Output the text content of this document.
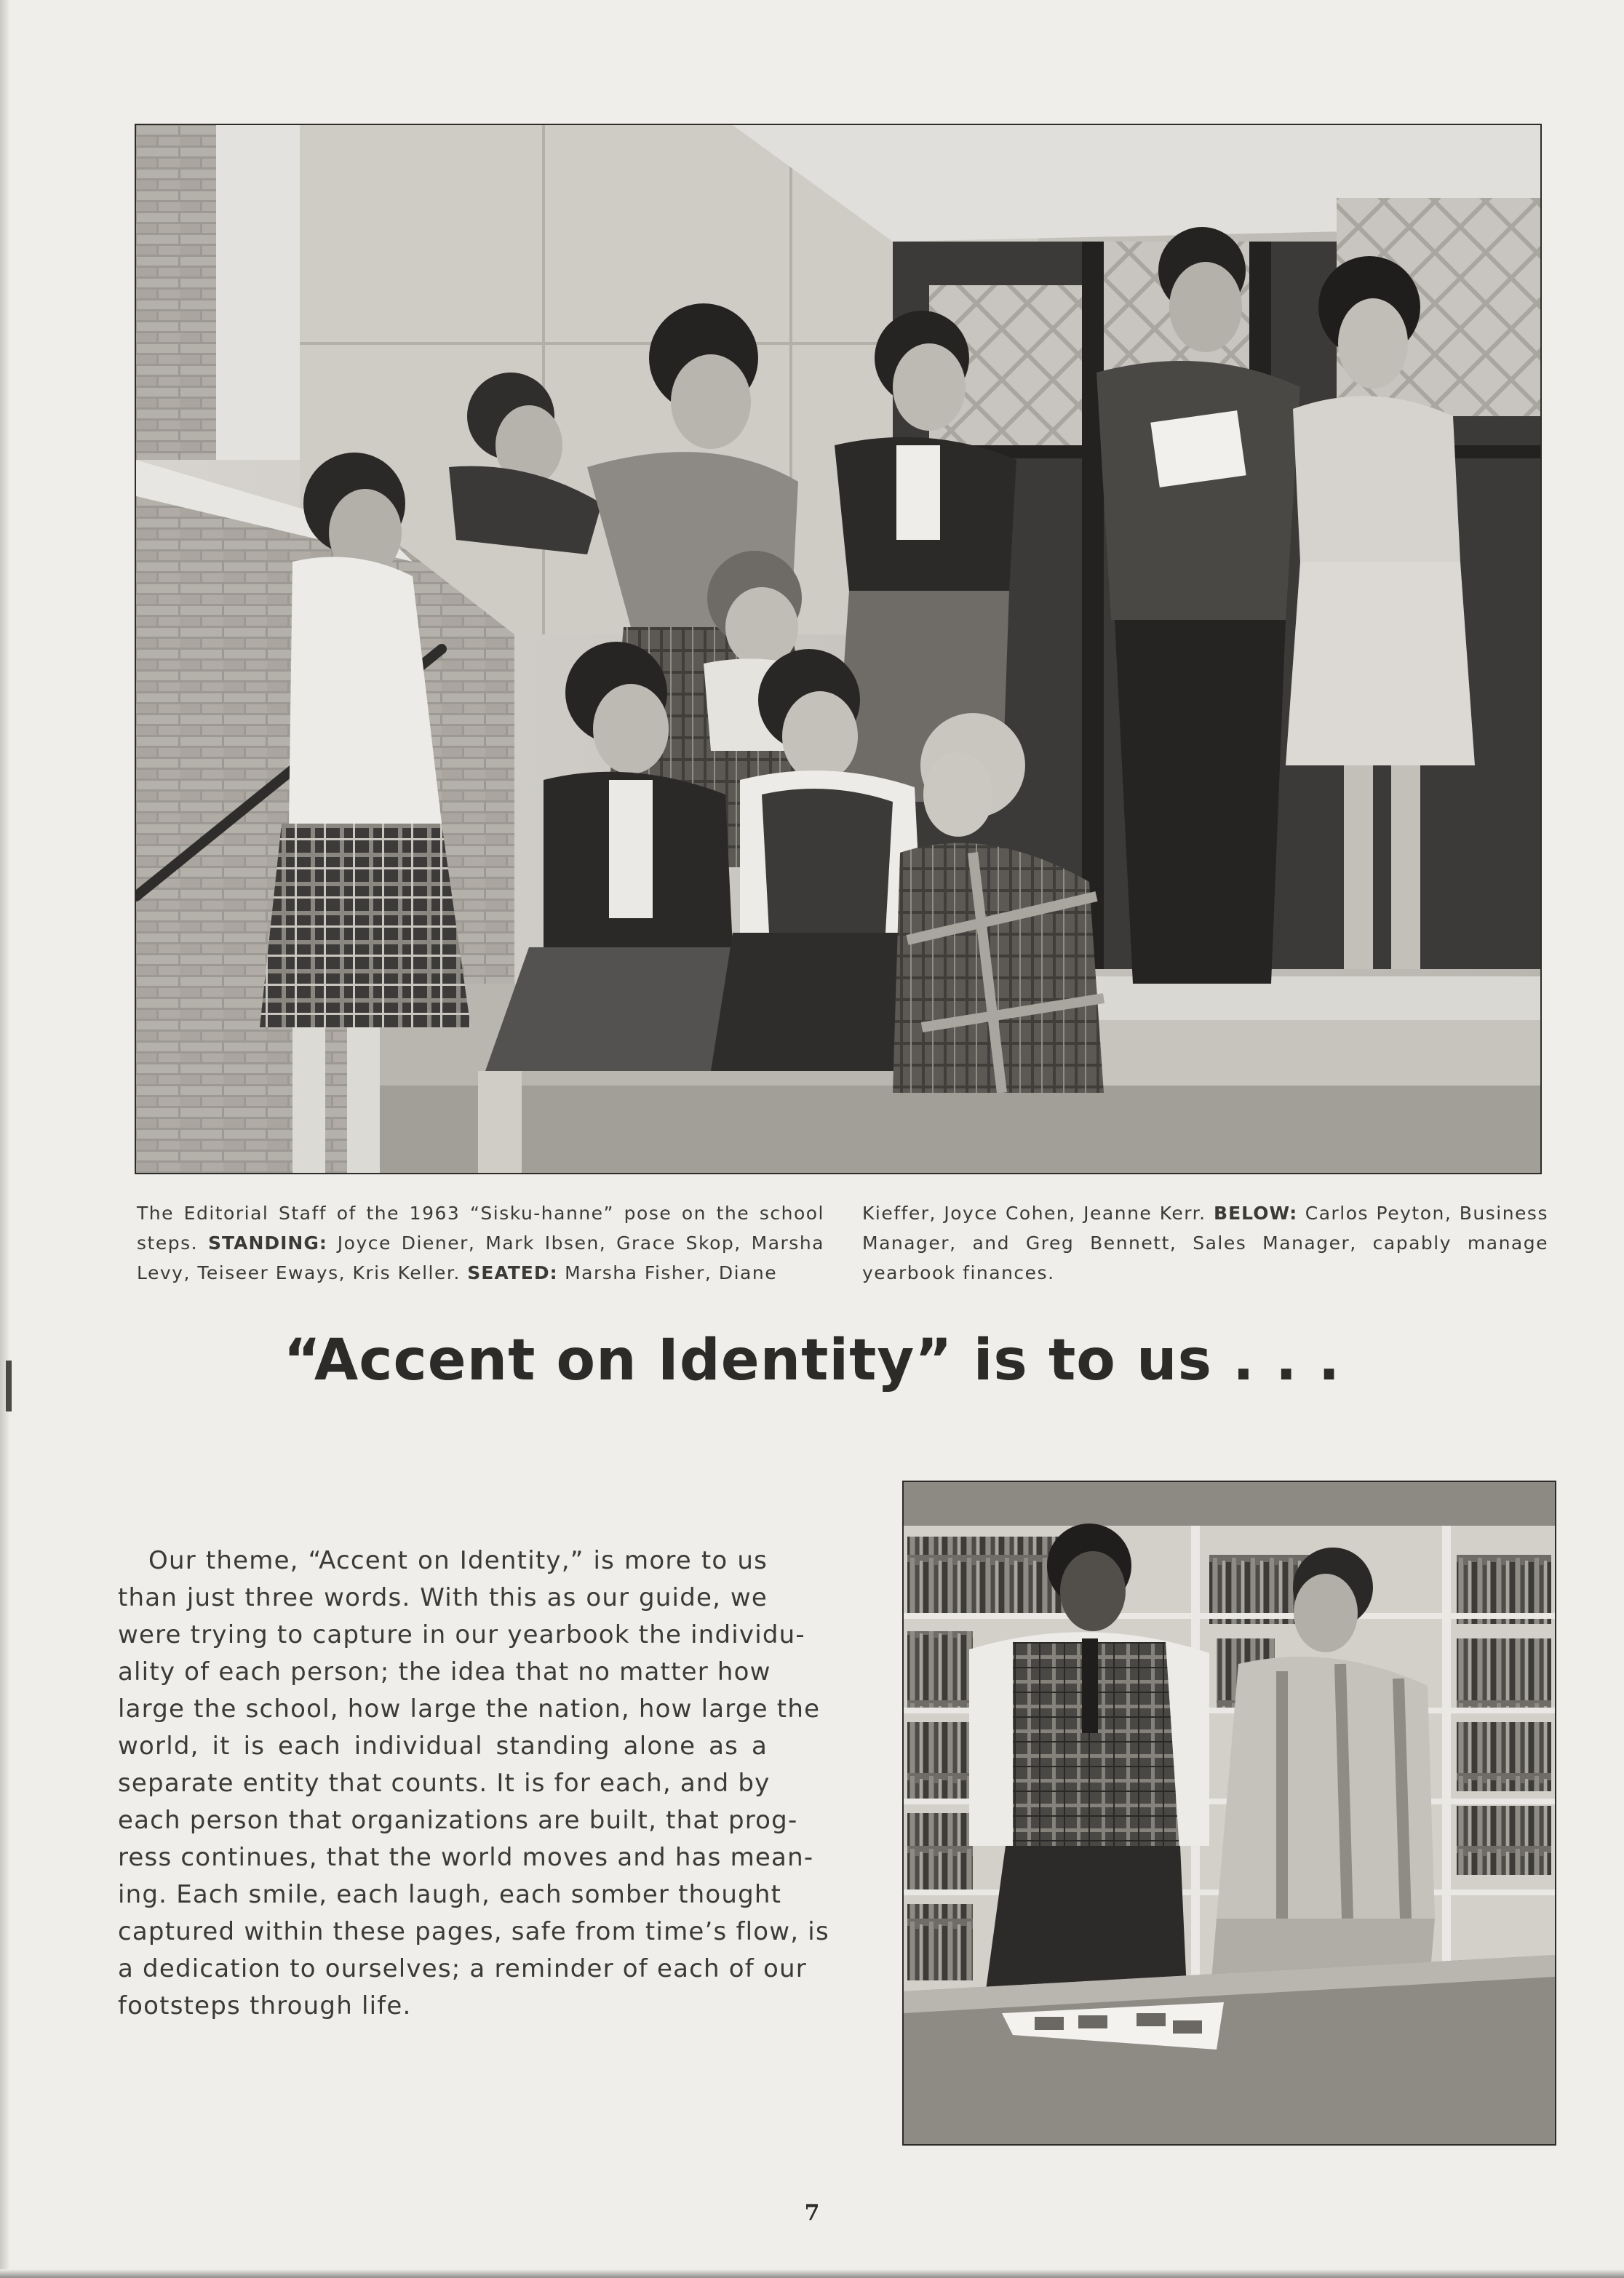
The Editorial Staff of the 1963 “Sisku-hanne” pose on the school
steps. STANDING: Joyce Diener, Mark Ibsen, Grace Skop, Marsha
Levy, Teiseer Eways, Kris Keller. SEATED: Marsha Fisher, Diane
Kieffer, Joyce Cohen, Jeanne Kerr. BELOW: Carlos Peyton, Business
Manager, and Greg Bennett, Sales Manager, capably manage
yearbook finances.
“Accent on Identity” is to us . . .
Our theme, “Accent on Identity,” is more to us
than just three words. With this as our guide, we
were trying to capture in our yearbook the individu-
ality of each person; the idea that no matter how
large the school, how large the nation, how large the
world, it is each individual standing alone as a
separate entity that counts. It is for each, and by
each person that organizations are built, that prog-
ress continues, that the world moves and has mean-
ing. Each smile, each laugh, each somber thought
captured within these pages, safe from time’s flow, is
a dedication to ourselves; a reminder of each of our
footsteps through life.
7
